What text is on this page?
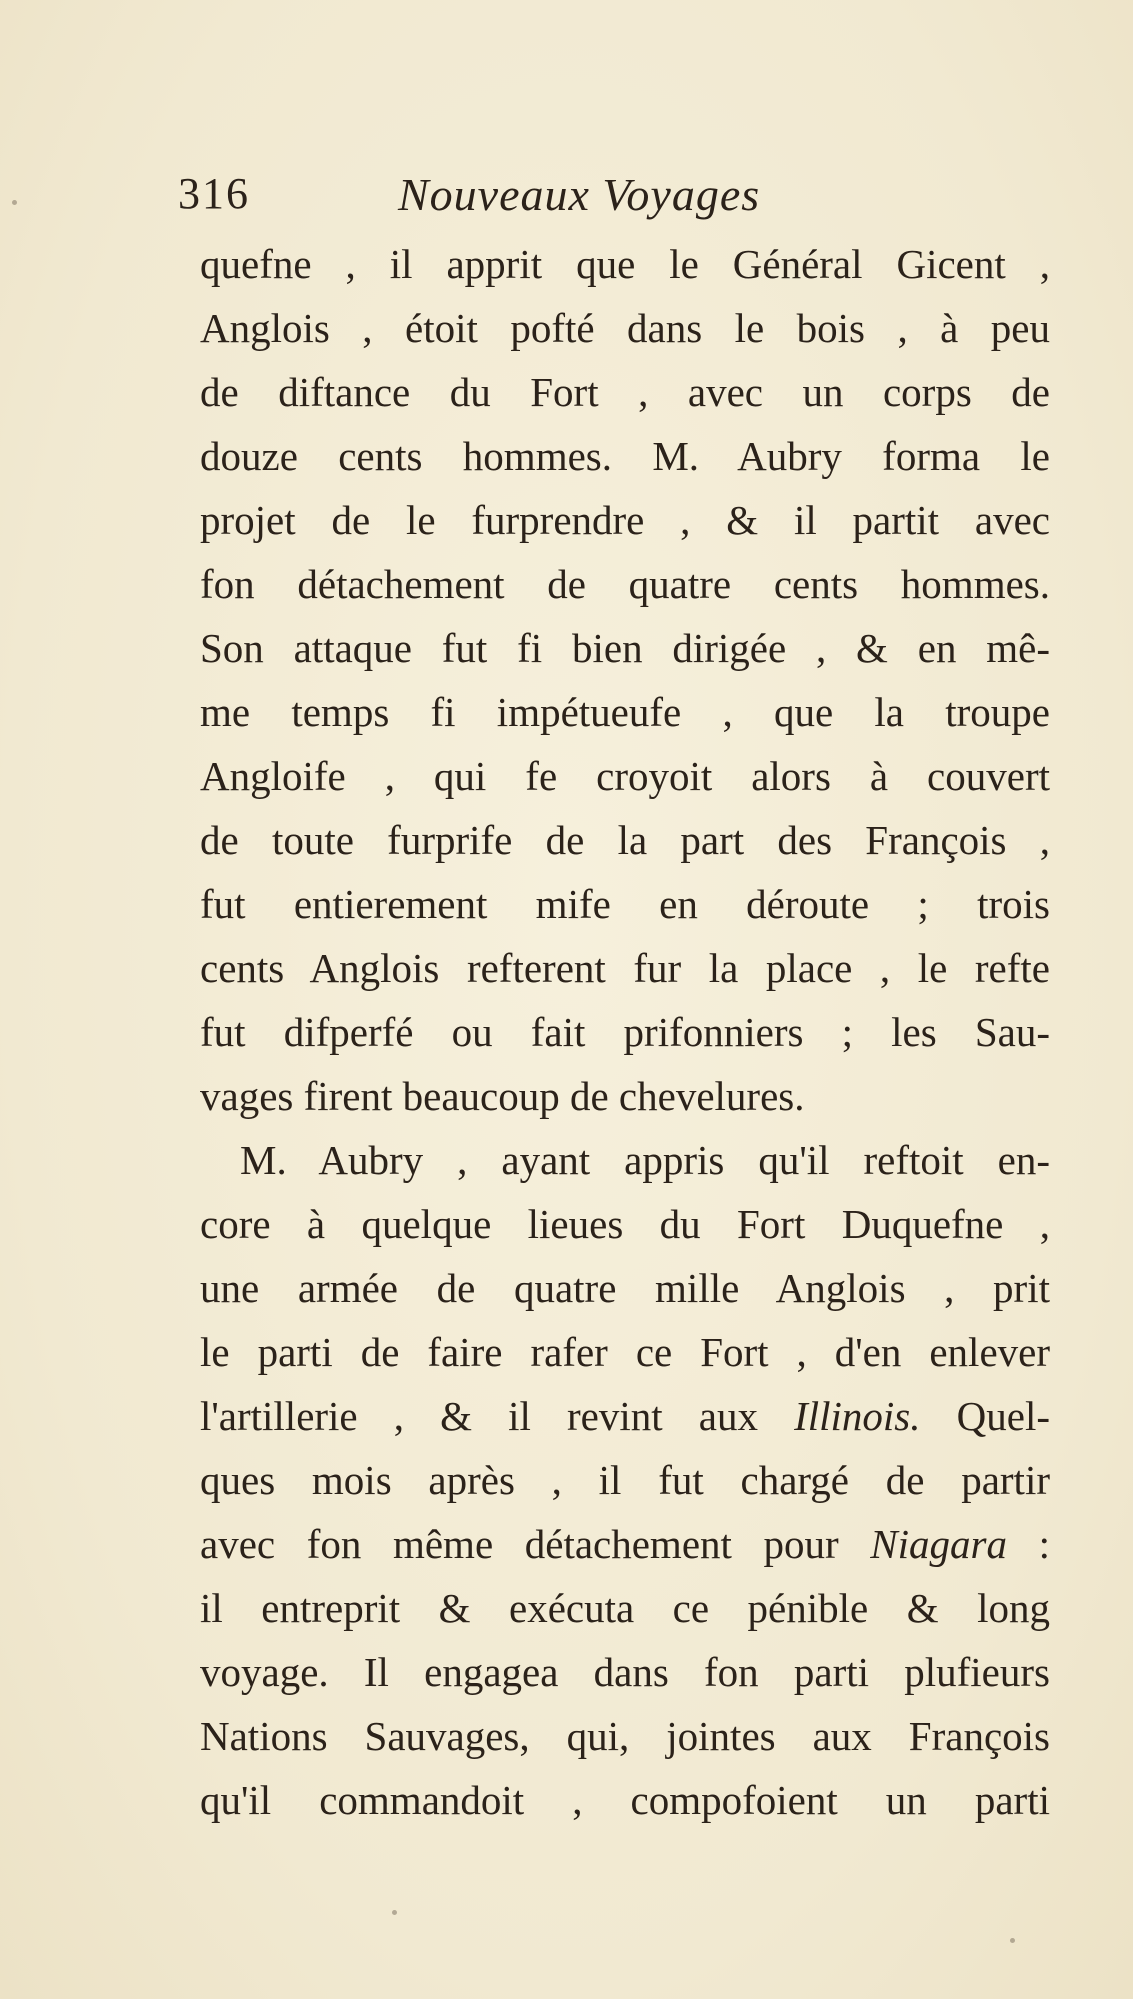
316	Nouveaux Voyages
quefne , il apprit que le Général Gicent ,
Anglois , étoit pofté dans le bois , à peu
de diftance du Fort , avec un corps de
douze cents hommes. M. Aubry forma le
projet de le furprendre , & il partit avec
fon détachement de quatre cents hommes.
Son attaque fut fi bien dirigée , & en mê-
me temps fi impétueufe , que la troupe
Angloife , qui fe croyoit alors à couvert
de toute furprife de la part des François ,
fut entierement mife en déroute ; trois
cents Anglois refterent fur la place , le refte
fut difperfé ou fait prifonniers ; les Sau-
vages firent beaucoup de chevelures.
M. Aubry , ayant appris qu'il reftoit en-
core à quelque lieues du Fort Duquefne ,
une armée de quatre mille Anglois , prit
le parti de faire rafer ce Fort , d'en enlever
l'artillerie , & il revint aux Illinois. Quel-
ques mois après , il fut chargé de partir
avec fon même détachement pour Niagara :
il entreprit & exécuta ce pénible & long
voyage. Il engagea dans fon parti plufieurs
Nations Sauvages, qui, jointes aux François
qu'il commandoit , compofoient un parti
